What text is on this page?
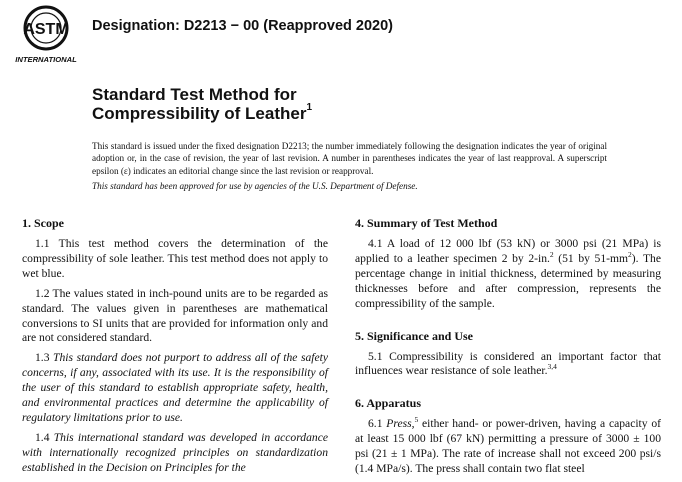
ASTM
INTERNATIONAL
Designation: D2213 − 00 (Reapproved 2020)
Standard Test Method for
Compressibility of Leather$^1$

This standard is issued under the fixed designation D2213; the number immediately following the designation indicates the year of original adoption or, in the case of revision, the year of last revision. A number in parentheses indicates the year of last reapproval. A superscript epsilon (ε) indicates an editorial change since the last revision or reapproval.

This standard has been approved for use by agencies of the U.S. Department of Defense.

1. Scope

1.1 This test method covers the determination of the compressibility of sole leather. This test method does not apply to wet blue.

1.2 The values stated in inch-pound units are to be regarded as standard. The values given in parentheses are mathematical conversions to SI units that are provided for information only and are not considered standard.

1.3 This standard does not purport to address all of the safety concerns, if any, associated with its use. It is the responsibility of the user of this standard to establish appropriate safety, health, and environmental practices and determine the applicability of regulatory limitations prior to use.

1.4 This international standard was developed in accordance with internationally recognized principles on standardization established in the Decision on Principles for the

4. Summary of Test Method

4.1 A load of 12 000 lbf (53 kN) or 3000 psi (21 MPa) is applied to a leather specimen 2 by 2-in.$^2$ (51 by $51-mm^2$). The percentage change in initial thickness, determined by measuring thicknesses before and after compression, represents the compressibility of the sample.

5. Significance and Use

5.1 Compressibility is considered an important factor that influences wear resistance of sole leather.$^{3,4}$

6. Apparatus

6.1 Press,$^5$ either hand- or power-driven, having a capacity of at least 15 000 lbf (67 kN) permitting a pressure of 3000 ± 100 psi (21 ± 1 MPa). The rate of increase shall not exceed 200 psi/s (1.4 MPa/s). The press shall contain two flat steel
